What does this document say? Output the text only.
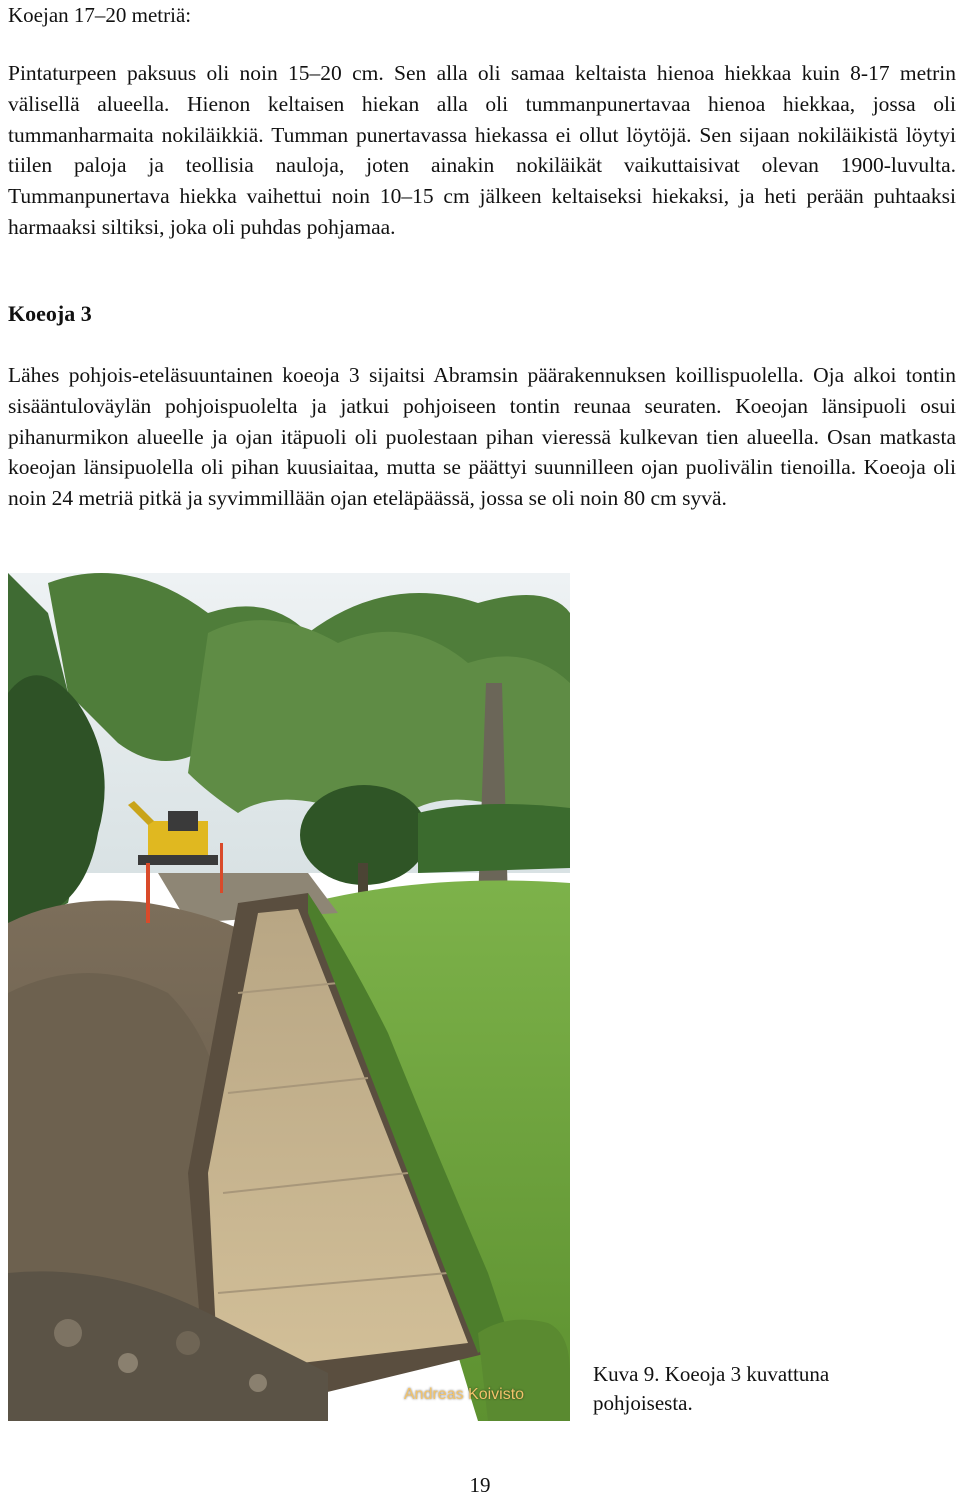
Koejan 17–20 metriä:

Pintaturpeen paksuus oli noin 15–20 cm. Sen alla oli samaa keltaista hienoa hiekkaa kuin 8-17 metrin välisellä alueella. Hienon keltaisen hiekan alla oli tummanpunertavaa hienoa hiekkaa, jossa oli tummanharmaita nokiläikkiä. Tumman punertavassa hiekassa ei ollut löytöjä. Sen sijaan nokiläikistä löytyi tiilen paloja ja teollisia nauloja, joten ainakin nokiläikät vaikuttaisivat olevan 1900-luvulta. Tummanpunertava hiekka vaihettui noin 10–15 cm jälkeen keltaiseksi hiekaksi, ja heti perään puhtaaksi harmaaksi siltiksi, joka oli puhdas pohjamaa.

Koeoja 3

Lähes pohjois-eteläsuuntainen koeoja 3 sijaitsi Abramsin päärakennuksen koillispuolella. Oja alkoi tontin sisääntuloväylän pohjoispuolelta ja jatkui pohjoiseen tontin reunaa seuraten. Koeojan länsipuoli osui pihanurmikon alueelle ja ojan itäpuoli oli puolestaan pihan vieressä kulkevan tien alueella. Osan matkasta koeojan länsipuolella oli pihan kuusiaitaa, mutta se päättyi suunnilleen ojan puolivälin tienoilla. Koeoja oli noin 24 metriä pitkä ja syvimmillään ojan eteläpäässä, jossa se oli noin 80 cm syvä.

Andreas Koivisto
Kuva 9. Koeoja 3 kuvattuna
pohjoisesta.
19
